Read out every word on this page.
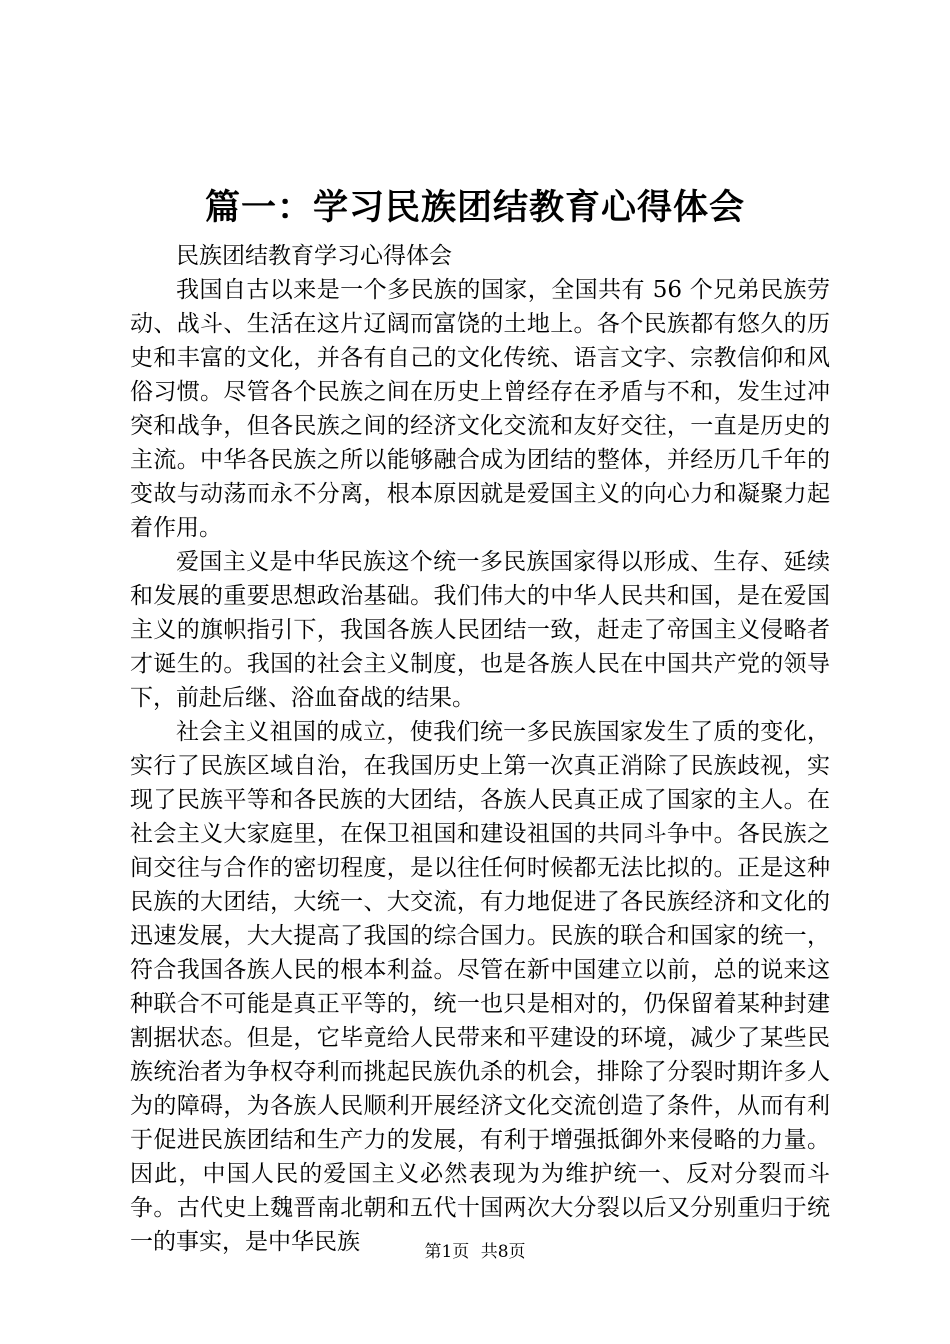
篇一：学习民族团结教育心得体会

民族团结教育学习心得体会

我国自古以来是一个多民族的国家，全国共有 56 个兄弟民族劳动、战斗、生活在这片辽阔而富饶的土地上。各个民族都有悠久的历史和丰富的文化，并各有自己的文化传统、语言文字、宗教信仰和风俗习惯。尽管各个民族之间在历史上曾经存在矛盾与不和，发生过冲突和战争，但各民族之间的经济文化交流和友好交往，一直是历史的主流。中华各民族之所以能够融合成为团结的整体，并经历几千年的变故与动荡而永不分离，根本原因就是爱国主义的向心力和凝聚力起着作用。

爱国主义是中华民族这个统一多民族国家得以形成、生存、延续和发展的重要思想政治基础。我们伟大的中华人民共和国，是在爱国主义的旗帜指引下，我国各族人民团结一致，赶走了帝国主义侵略者才诞生的。我国的社会主义制度，也是各族人民在中国共产党的领导下，前赴后继、浴血奋战的结果。

社会主义祖国的成立，使我们统一多民族国家发生了质的变化，实行了民族区域自治，在我国历史上第一次真正消除了民族歧视，实现了民族平等和各民族的大团结，各族人民真正成了国家的主人。在社会主义大家庭里，在保卫祖国和建设祖国的共同斗争中。各民族之间交往与合作的密切程度，是以往任何时候都无法比拟的。正是这种民族的大团结，大统一、大交流，有力地促进了各民族经济和文化的迅速发展，大大提高了我国的综合国力。民族的联合和国家的统一，符合我国各族人民的根本利益。尽管在新中国建立以前，总的说来这种联合不可能是真正平等的，统一也只是相对的，仍保留着某种封建割据状态。但是，它毕竟给人民带来和平建设的环境，减少了某些民族统治者为争权夺利而挑起民族仇杀的机会，排除了分裂时期许多人为的障碍，为各族人民顺利开展经济文化交流创造了条件，从而有利于促进民族团结和生产力的发展，有利于增强抵御外来侵略的力量。因此，中国人民的爱国主义必然表现为为维护统一、反对分裂而斗争。古代史上魏晋南北朝和五代十国两次大分裂以后又分别重归于统一的事实，是中华民族	第1页 共8页
